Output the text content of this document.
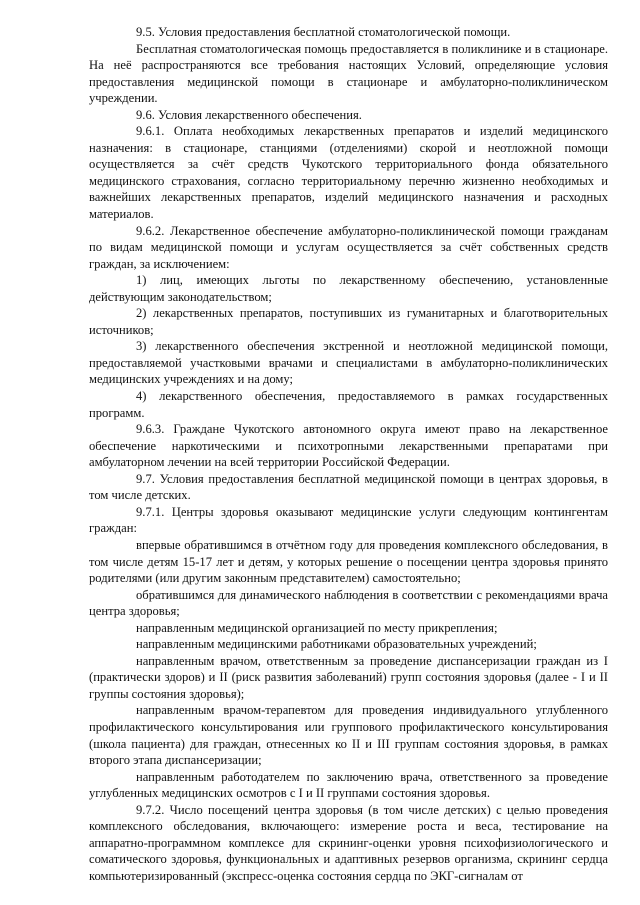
9.5. Условия предоставления бесплатной стоматологической помощи.

Бесплатная стоматологическая помощь предоставляется в поликлинике и в стационаре. На неё распространяются все требования настоящих Условий, определяющие условия предоставления медицинской помощи в стационаре и амбулаторно-поликлиническом учреждении.

9.6. Условия лекарственного обеспечения.

9.6.1. Оплата необходимых лекарственных препаратов и изделий медицинского назначения: в стационаре, станциями (отделениями) скорой и неотложной помощи осуществляется за счёт средств Чукотского территориального фонда обязательного медицинского страхования, согласно территориальному перечню жизненно необходимых и важнейших лекарственных препаратов, изделий медицинского назначения и расходных материалов.

9.6.2. Лекарственное обеспечение амбулаторно-поликлинической помощи гражданам по видам медицинской помощи и услугам осуществляется за счёт собственных средств граждан, за исключением:

1) лиц, имеющих льготы по лекарственному обеспечению, установленные действующим законодательством;

2) лекарственных препаратов, поступивших из гуманитарных и благотворительных источников;

3) лекарственного обеспечения экстренной и неотложной медицинской помощи, предоставляемой участковыми врачами и специалистами в амбулаторно-поликлинических медицинских учреждениях и на дому;

4) лекарственного обеспечения, предоставляемого в рамках государственных программ.

9.6.3. Граждане Чукотского автономного округа имеют право на лекарственное обеспечение наркотическими и психотропными лекарственными препаратами при амбулаторном лечении на всей территории Российской Федерации.

9.7. Условия предоставления бесплатной медицинской помощи в центрах здоровья, в том числе детских.

9.7.1. Центры здоровья оказывают медицинские услуги следующим контингентам граждан:

впервые обратившимся в отчётном году для проведения комплексного обследования, в том числе детям 15-17 лет и детям, у которых решение о посещении центра здоровья принято родителями (или другим законным представителем) самостоятельно;

обратившимся для динамического наблюдения в соответствии с рекомендациями врача центра здоровья;

направленным медицинской организацией по месту прикрепления;

направленным медицинскими работниками образовательных учреждений;

направленным врачом, ответственным за проведение диспансеризации граждан из I (практически здоров) и II (риск развития заболеваний) групп состояния здоровья (далее - I и II группы состояния здоровья);

направленным врачом-терапевтом для проведения индивидуального углубленного профилактического консультирования или группового профилактического консультирования (школа пациента) для граждан, отнесенных ко II и III группам состояния здоровья, в рамках второго этапа диспансеризации;

направленным работодателем по заключению врача, ответственного за проведение углубленных медицинских осмотров с I и II группами состояния здоровья.

9.7.2. Число посещений центра здоровья (в том числе детских) с целью проведения комплексного обследования, включающего: измерение роста и веса, тестирование на аппаратно-программном комплексе для скрининг-оценки уровня психофизиологического и соматического здоровья, функциональных и адаптивных резервов организма, скрининг сердца компьютеризированный (экспресс-оценка состояния сердца по ЭКГ-сигналам от
